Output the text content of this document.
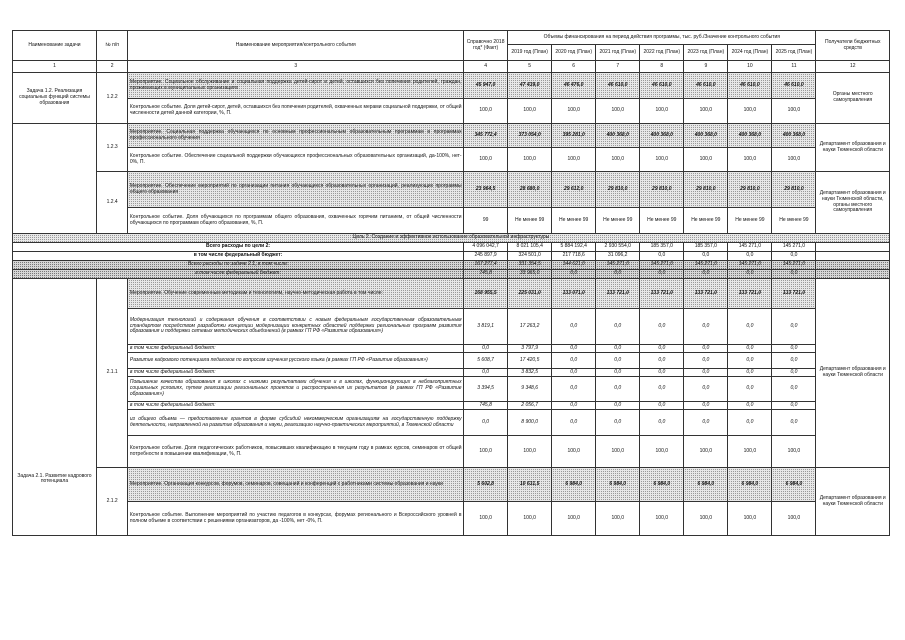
Наименование задачи	№ п/п	Наименование мероприятия/контрольного события	Справочно 2018 год* (Факт)	Объемы финансирования на период действия программы, тыс. руб./Значение контрольного события							Получатели бюджетных средств
				2019 год (План)	2020 год (План)	2021 год (План)	2022 год (План)	2023 год (План)	2024 год (План)	2025 год (План)	
1	2	3	4	5	6	7	8	9	10	11	12
Задача 1.2. Реализация социальных функций системы образования	1.2.2	Мероприятие. Социальное обслуживание и социальная поддержка детей-сирот и детей, оставшихся без попечения родителей, граждан, проживающих в муниципальных организациях	45 947,0	47 439,0	46 476,0	46 610,0	46 610,0	46 610,0	46 610,0	46 610,0	Органы местного самоуправления
		Контрольное событие. Доля детей-сирот, детей, оставшихся без попечения родителей, охваченных мерами социальной поддержки, от общей численности детей данной категории, %, П.	100,0	100,0	100,0	100,0	100,0	100,0	100,0	100,0	
	1.2.3	Мероприятие. Социальная поддержка обучающихся по основным профессиональным образовательным программам в программах профессионального обучения	345 772,4	373 054,0	395 281,0	400 368,0	400 368,0	400 368,0	400 368,0	400 368,0	Департамент образования и науки Тюменской области
		Контрольное событие. Обеспечение социальной поддержки обучающихся профессиональных образовательных организаций, да-100%, нет- 0%, П.	100,0	100,0	100,0	100,0	100,0	100,0	100,0	100,0	
	1.2.4	Мероприятие. Обеспечение мероприятий по организации питания обучающихся образовательных организаций, реализующих программы общего образования	23 964,5	28 680,0	29 612,0	29 810,0	29 810,0	29 810,0	29 810,0	29 810,0	Департамент образования и науки Тюменской области, органы местного самоуправления
		Контрольное событие. Доля обучающихся по программам общего образования, охваченных горячим питанием, от общей численности обучающихся по программам общего образования, %, П.	99	Не менее 99	Не менее 99	Не менее 99	Не менее 99	Не менее 99	Не менее 99	Не менее 99	
Цель 2. Создание и эффективное использование образовательной инфраструктуры											
Всего расходы по цели 2:			4 096 042,7	8 021 105,4	5 884 192,4	2 930 554,0	185 357,0	185 357,0	145 271,0	145 271,0	
в том числе федеральный бюджет:			245 897,9	324 501,0	217 718,6	31 096,2	0,0	0,0	0,0	0,0	
Всего расходы по задаче 2.1, в том числе:			167 277,4	331 354,5	144 621,0	145 271,0	145 271,0	145 271,0	145 271,0	145 271,0	
в том числе федеральный бюджет:			745,8	33 965,0	0,0	0,0	0,0	0,0	0,0	0,0	
Задача 2.1. Развитие кадрового потенциала	2.1.1	Мероприятие. Обучение современным методикам и технологиям, научно-методическая работа в том числе:	168 955,5	225 031,0	133 071,0	133 721,0	133 721,0	133 721,0	133 721,0	133 721,0	Департамент образования и науки Тюменской области
		Модернизация технологий и содержания обучения в соответствии с новым федеральным государственным образовательным стандартом посредством разработки концепции модернизации конкретных областей поддержки региональных программ развития образования и поддержки сетевых методических объединений (в рамках ГП РФ «Развитие образования»)	3 819,1	17 263,2	0,0	0,0	0,0	0,0	0,0	0,0	
		в том числе федеральный бюджет:	0,0	3 797,9	0,0	0,0	0,0	0,0	0,0	0,0	
		Развитие кадрового потенциала педагогов по вопросам изучения русского языка (в рамках ГП РФ «Развитие образования»)	5 608,7	17 420,5	0,0	0,0	0,0	0,0	0,0	0,0	
		в том числе федеральный бюджет:	0,0	3 832,5	0,0	0,0	0,0	0,0	0,0	0,0	
		Повышение качества образования в школах с низкими результатами обучения и в школах, функционирующих в неблагоприятных социальных условиях, путем реализации региональных проектов и распространения их результатов (в рамках ГП РФ «Развитие образования»)	3 394,5	9 348,6	0,0	0,0	0,0	0,0	0,0	0,0	
		в том числе федеральный бюджет:	745,8	2 056,7	0,0	0,0	0,0	0,0	0,0	0,0	
		из общего объема — предоставление грантов в форме субсидий некоммерческим организациям на государственную поддержку деятельности, направленной на развитие образования и науки, реализацию научно-практических мероприятий, в Тюменской области	0,0	8 900,0	0,0	0,0	0,0	0,0	0,0	0,0	
		Контрольное событие. Доля педагогических работников, повысивших квалификацию в текущем году в рамках курсов, семинаров от общей потребности в повышении квалификации, %, П.	100,0	100,0	100,0	100,0	100,0	100,0	100,0	100,0	
	2.1.2	Мероприятие. Организация конкурсов, форумов, семинаров, совещаний и конференций с работниками системы образования и науки	5 602,8	10 631,5	6 984,0	6 984,0	6 984,0	6 984,0	6 984,0	6 984,0	Департамент образования и науки Тюменской области
		Контрольное событие. Выполнение мероприятий по участию педагогов в конкурсах, форумах регионального и Всероссийского уровней в полном объеме в соответствии с решениями организаторов, да -100%, нет -0%, П.	100,0	100,0	100,0	100,0	100,0	100,0	100,0	100,0	
